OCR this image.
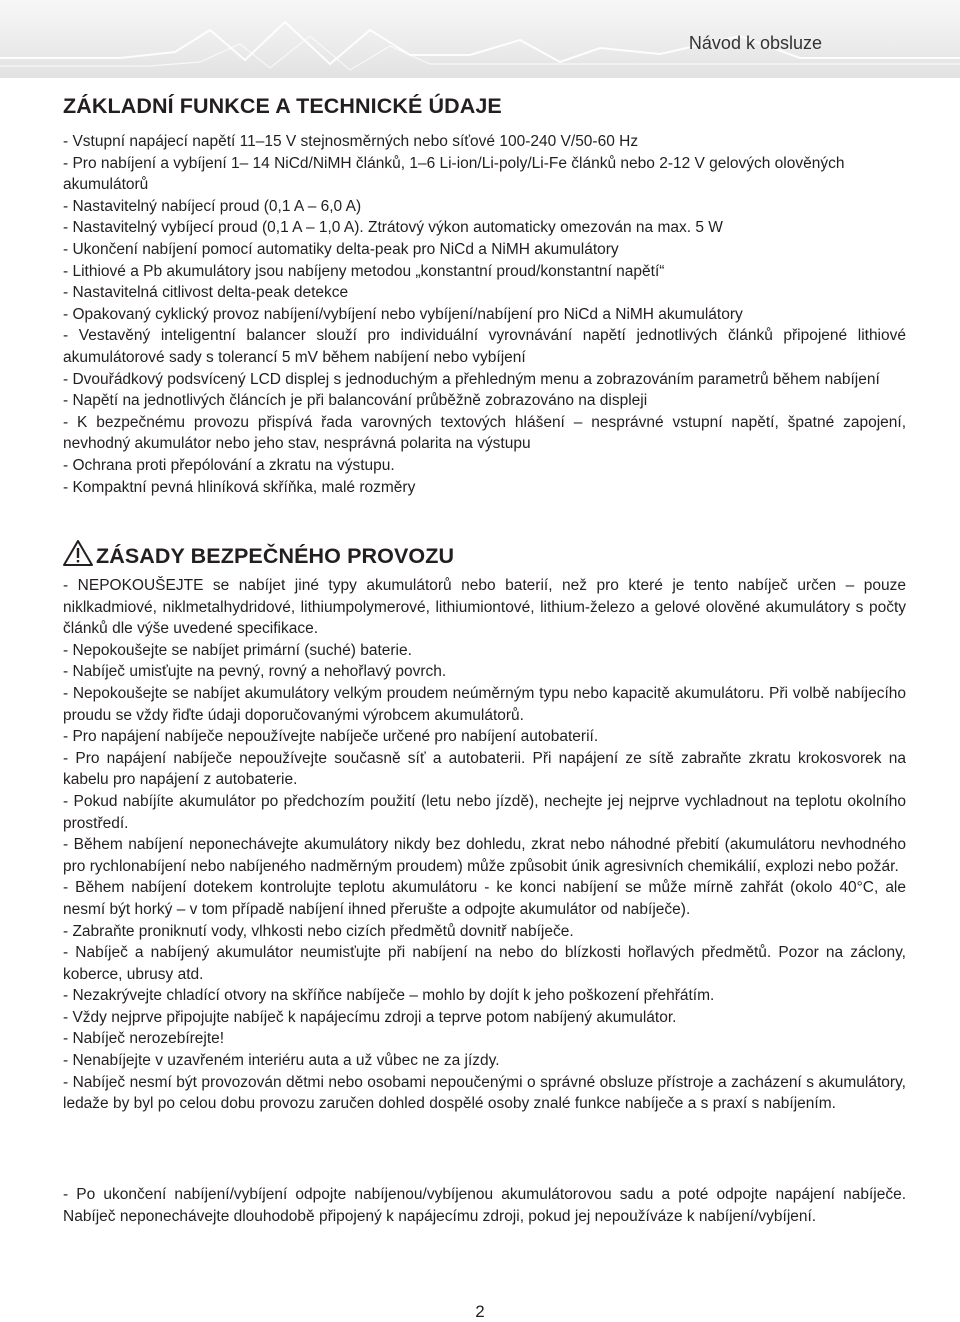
Návod k obsluze
ZÁKLADNÍ FUNKCE A TECHNICKÉ ÚDAJE

- Vstupní napájecí napětí 11–15 V stejnosměrných nebo síťové 100-240 V/50-60 Hz

- Pro nabíjení a vybíjení 1– 14 NiCd/NiMH článků, 1–6 Li-ion/Li-poly/Li-Fe článků nebo 2-12 V gelových olověných akumulátorů

- Nastavitelný nabíjecí proud (0,1 A – 6,0 A)

- Nastavitelný vybíjecí proud (0,1 A – 1,0 A). Ztrátový výkon automaticky omezován na max. 5 W

- Ukončení nabíjení pomocí automatiky delta-peak pro NiCd a NiMH akumulátory

- Lithiové a Pb akumulátory jsou nabíjeny metodou „konstantní proud/konstantní napětí“

- Nastavitelná citlivost delta-peak detekce

- Opakovaný cyklický provoz nabíjení/vybíjení nebo vybíjení/nabíjení pro NiCd a NiMH akumulátory

- Vestavěný inteligentní balancer slouží pro individuální vyrovnávání napětí jednotlivých článků připojené lithiové akumulátorové sady s tolerancí 5 mV během nabíjení nebo vybíjení

- Dvouřádkový podsvícený LCD displej s jednoduchým a přehledným menu a zobrazováním parametrů během nabíjení

- Napětí na jednotlivých článcích je při balancování průběžně zobrazováno na displeji

- K bezpečnému provozu přispívá řada varovných textových hlášení – nesprávné vstupní napětí, špatné zapojení, nevhodný akumulátor nebo jeho stav, nesprávná polarita na výstupu

- Ochrana proti přepólování a zkratu na výstupu.

- Kompaktní pevná hliníková skříňka, malé rozměry

ZÁSADY BEZPEČNÉHO PROVOZU

- NEPOKOUŠEJTE se nabíjet jiné typy akumulátorů nebo baterií, než pro které je tento nabíječ určen – pouze niklkadmiové, niklmetalhydridové, lithiumpolymerové, lithiumiontové, lithium-železo a gelové olověné akumulátory s počty článků dle výše uvedené specifikace.

- Nepokoušejte se nabíjet primární (suché) baterie.

- Nabíječ umisťujte na pevný, rovný a nehořlavý povrch.

- Nepokoušejte se nabíjet akumulátory velkým proudem neúměrným typu nebo kapacitě akumulátoru. Při volbě nabíjecího proudu se vždy řiďte údaji doporučovanými výrobcem akumulátorů.

- Pro napájení nabíječe nepoužívejte nabíječe určené pro nabíjení autobaterií.

- Pro napájení nabíječe nepoužívejte současně síť a autobaterii. Při napájení ze sítě zabraňte zkratu krokosvorek na kabelu pro napájení z autobaterie.

- Pokud nabíjíte akumulátor po předchozím použití (letu nebo jízdě), nechejte jej nejprve vychladnout na teplotu okolního prostředí.

- Během nabíjení neponechávejte akumulátory nikdy bez dohledu, zkrat nebo náhodné přebití (akumulátoru nevhodného pro rychlonabíjení nebo nabíjeného nadměrným proudem) může způsobit únik agresivních chemikálií, explozi nebo požár.

- Během nabíjení dotekem kontrolujte teplotu akumulátoru - ke konci nabíjení se může mírně zahřát (okolo 40°C, ale nesmí být horký – v tom případě nabíjení ihned přerušte a odpojte akumulátor od nabíječe).

- Zabraňte proniknutí vody, vlhkosti nebo cizích předmětů dovnitř nabíječe.

- Nabíječ a nabíjený akumulátor neumisťujte při nabíjení na nebo do blízkosti hořlavých předmětů. Pozor na záclony, koberce, ubrusy atd.

- Nezakrývejte chladící otvory na skříňce nabíječe – mohlo by dojít k jeho poškození přehřátím.

- Vždy nejprve připojujte nabíječ k napájecímu zdroji a teprve potom nabíjený akumulátor.

- Nabíječ nerozebírejte!

- Nenabíjejte v uzavřeném interiéru auta a už vůbec ne za jízdy.

- Nabíječ nesmí být provozován dětmi nebo osobami nepoučenými o správné obsluze přístroje a zacházení s akumulátory, ledaže by byl po celou dobu provozu zaručen dohled dospělé osoby znalé funkce nabíječe a s praxí s nabíjením.

- Po ukončení nabíjení/vybíjení odpojte nabíjenou/vybíjenou akumulátorovou sadu a poté odpojte napájení nabíječe. Nabíječ neponechávejte dlouhodobě připojený k napájecímu zdroji, pokud jej nepoužíváze k nabíjení/vybíjení.

2
